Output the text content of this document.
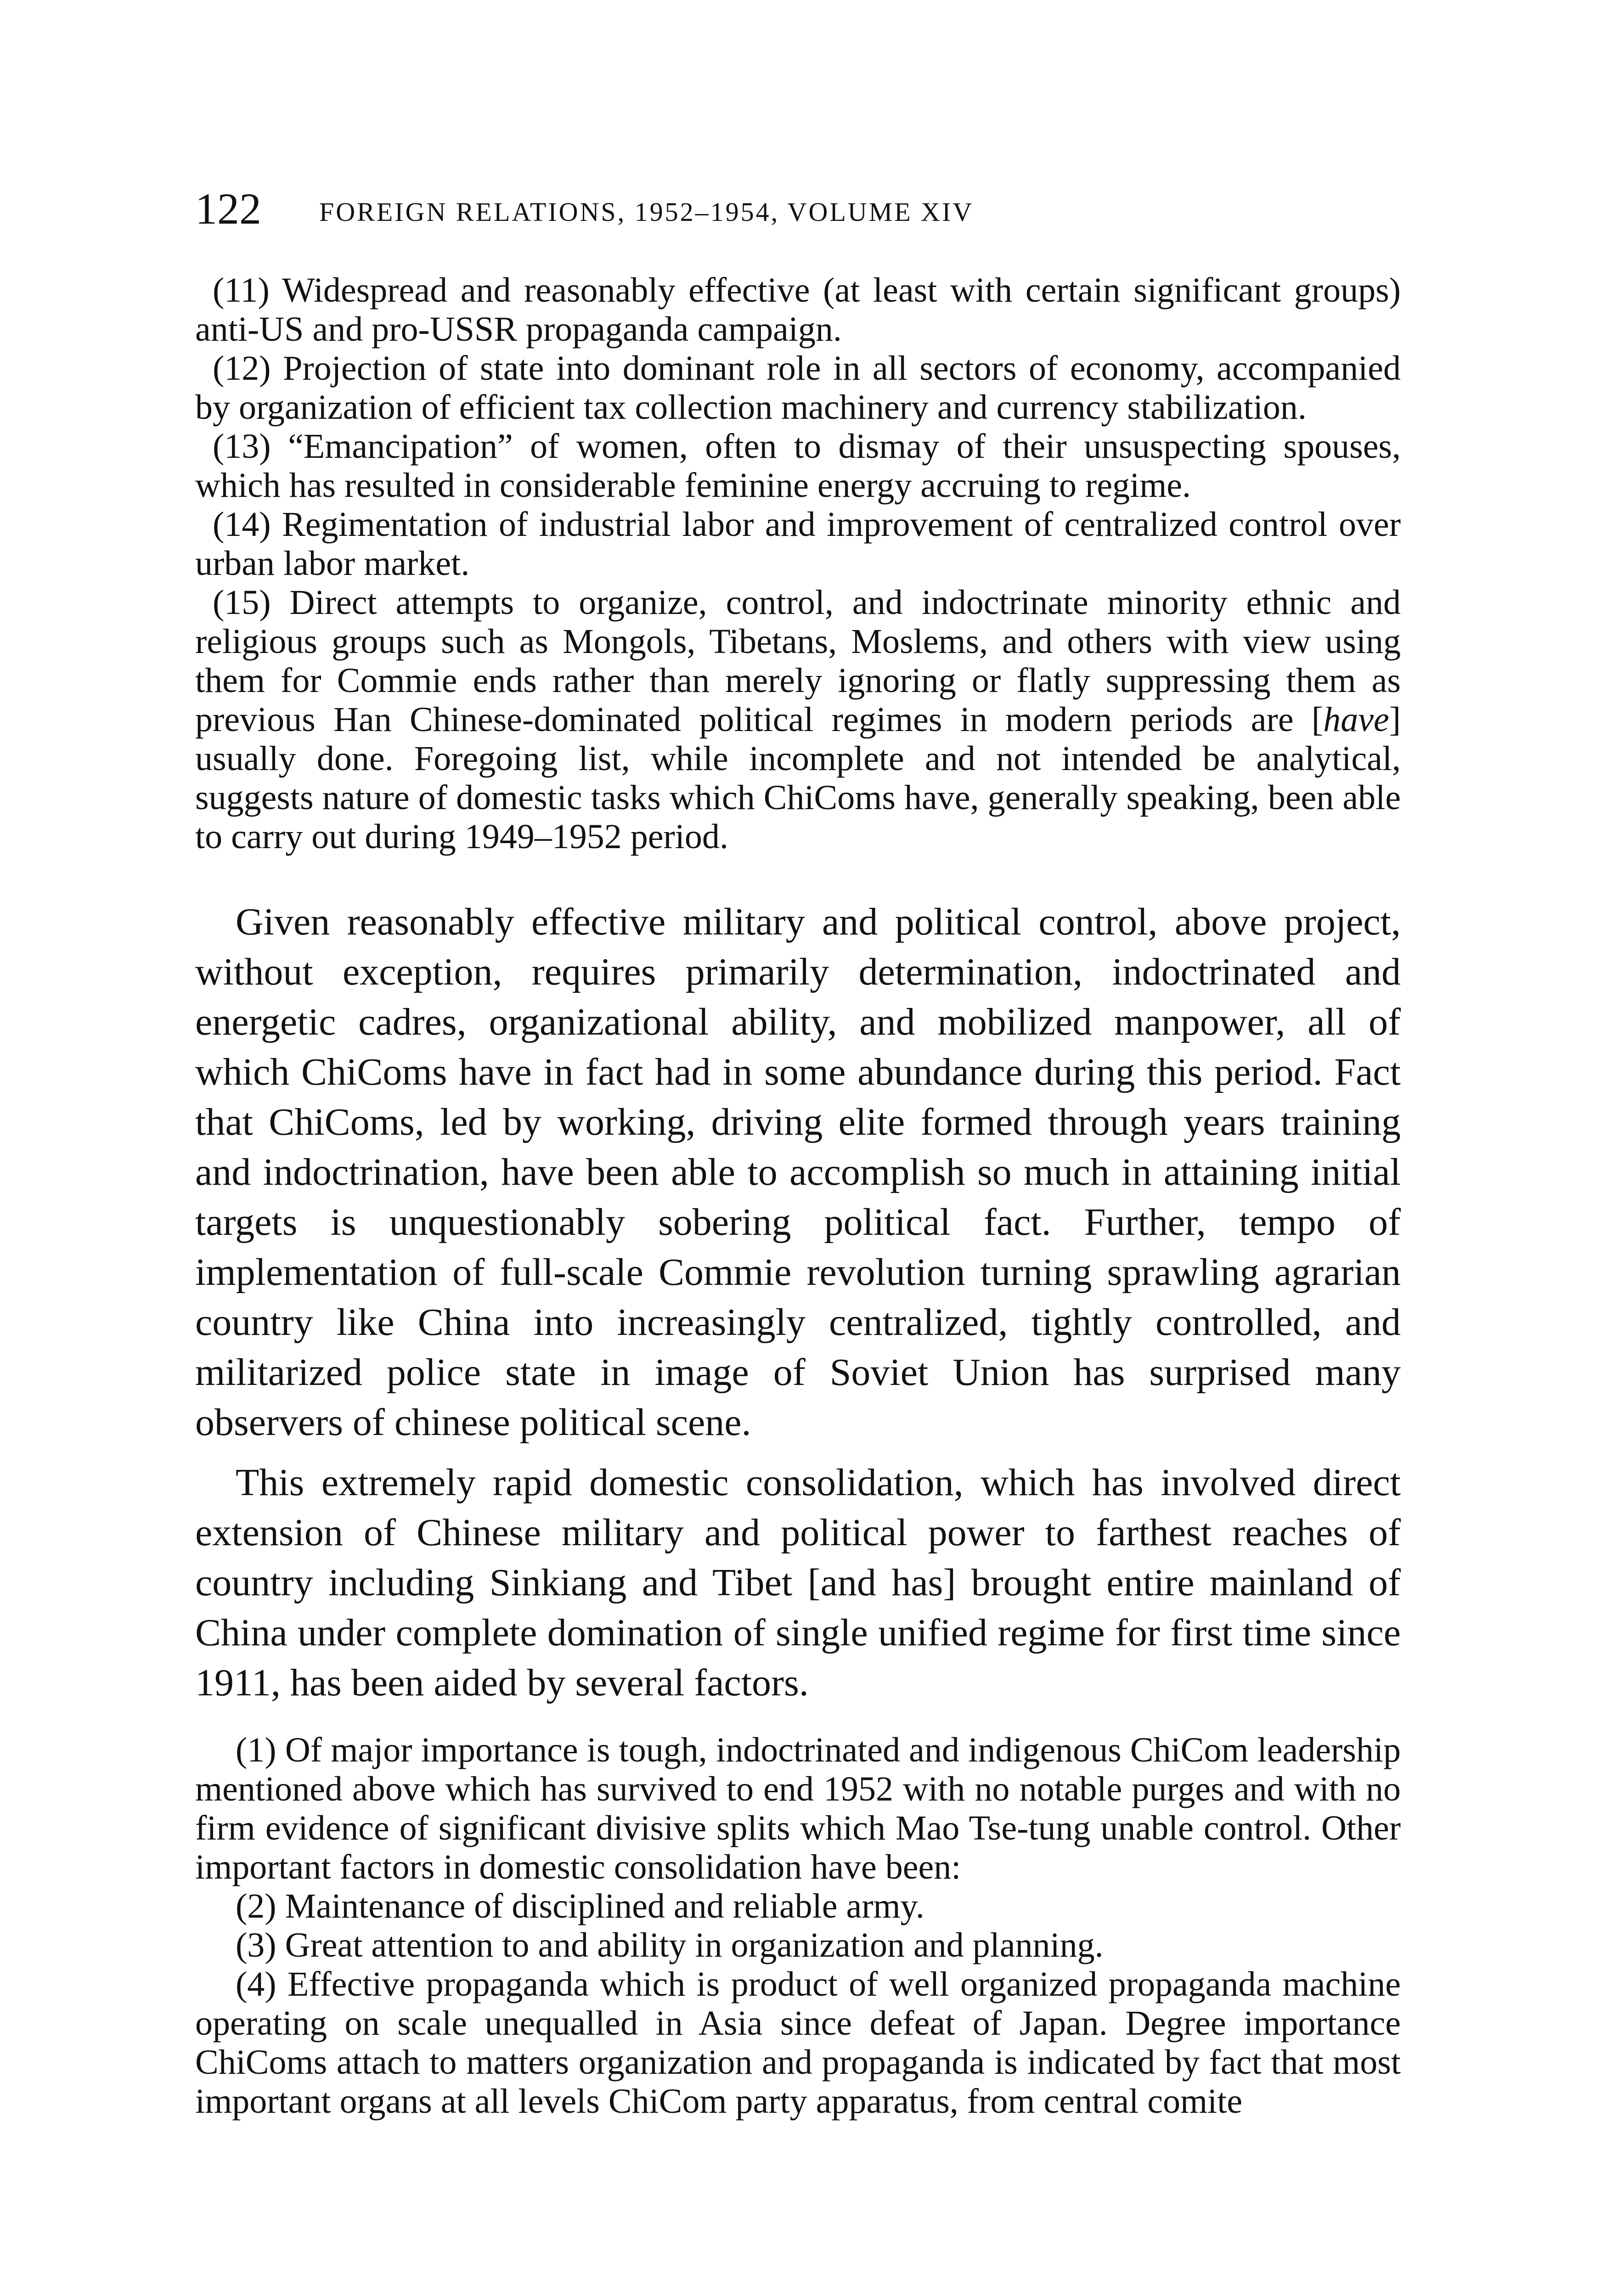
122 FOREIGN RELATIONS, 1952–1954, VOLUME XIV

(11) Widespread and reasonably effective (at least with certain significant groups) anti-US and pro-USSR propaganda campaign.

(12) Projection of state into dominant role in all sectors of economy, accompanied by organization of efficient tax collection machinery and currency stabilization.

(13) “Emancipation” of women, often to dismay of their unsuspecting spouses, which has resulted in considerable feminine energy accruing to regime.

(14) Regimentation of industrial labor and improvement of centralized control over urban labor market.

(15) Direct attempts to organize, control, and indoctrinate minority ethnic and religious groups such as Mongols, Tibetans, Moslems, and others with view using them for Commie ends rather than merely ignoring or flatly suppressing them as previous Han Chinese-dominated political regimes in modern periods are [have] usually done. Foregoing list, while incomplete and not intended be analytical, suggests nature of domestic tasks which ChiComs have, generally speaking, been able to carry out during 1949–1952 period.

Given reasonably effective military and political control, above project, without exception, requires primarily determination, indoctrinated and energetic cadres, organizational ability, and mobilized manpower, all of which ChiComs have in fact had in some abundance during this period. Fact that ChiComs, led by working, driving elite formed through years training and indoctrination, have been able to accomplish so much in attaining initial targets is unquestionably sobering political fact. Further, tempo of implementation of full-scale Commie revolution turning sprawling agrarian country like China into increasingly centralized, tightly controlled, and militarized police state in image of Soviet Union has surprised many observers of chinese political scene.

This extremely rapid domestic consolidation, which has involved direct extension of Chinese military and political power to farthest reaches of country including Sinkiang and Tibet [and has] brought entire mainland of China under complete domination of single unified regime for first time since 1911, has been aided by several factors.

(1) Of major importance is tough, indoctrinated and indigenous ChiCom leadership mentioned above which has survived to end 1952 with no notable purges and with no firm evidence of significant divisive splits which Mao Tse-tung unable control. Other important factors in domestic consolidation have been:

(2) Maintenance of disciplined and reliable army.

(3) Great attention to and ability in organization and planning.

(4) Effective propaganda which is product of well organized propaganda machine operating on scale unequalled in Asia since defeat of Japan. Degree importance ChiComs attach to matters organization and propaganda is indicated by fact that most important organs at all levels ChiCom party apparatus, from central comite
